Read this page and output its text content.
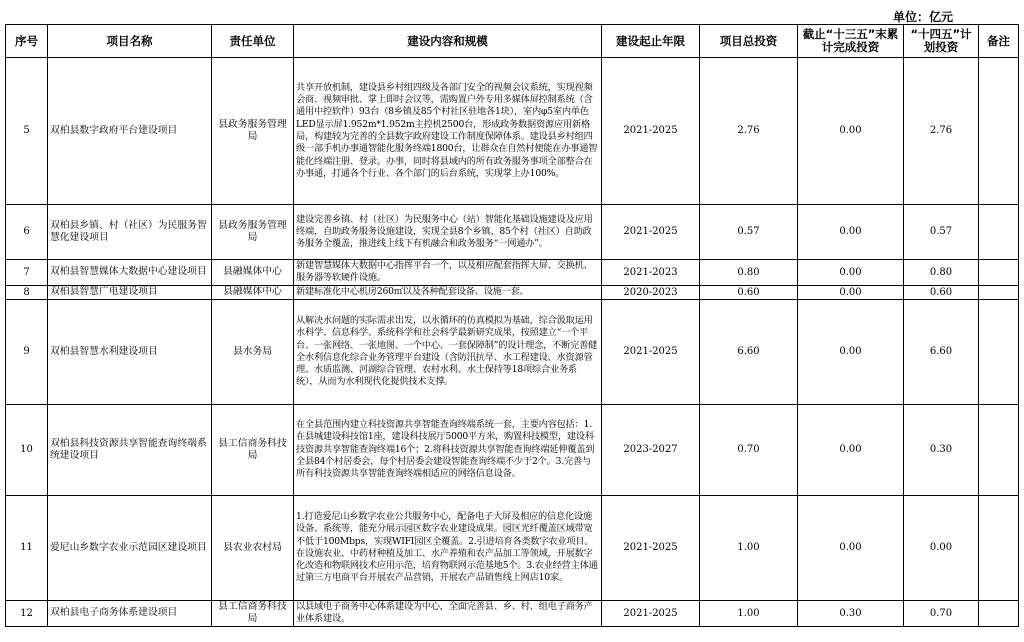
单位：亿元
序号	项目名称	责任单位	建设内容和规模	建设起止年限	项目总投资	截止“十三五”末累计完成投资	“十四五”计划投资	备注
5	双柏县数字政府平台建设项目	县政务服务管理局	共享开放机制，建设县乡村组四级及各部门安全的视频会议系统，实现视频会商、视频审批、掌上即时会议等，需购置户外专用多媒体屏控制系统（含通用中控软件）93台（8乡镇及85个村社区驻地各1块），室内φ5室内单色LED显示屏1.952m*1.952m主控机2500台，形成政务数据资源应用新格局，构建较为完善的全县数字政府建设工作制度保障体系。建设县乡村组四级一部手机办事通智能化服务终端1800台，让群众在自然村便能在办事通智能化终端注册、登录、办事，同时将县域内的所有政务服务事项全部整合在办事通，打通各个行业、各个部门的后台系统，实现掌上办100%。	2021-2025	2.76	0.00	2.76	
6	双柏县乡镇、村（社区）为民服务智慧化建设项目	县政务服务管理局	建设完善乡镇、村（社区）为民服务中心（站）智能化基础设施建设及应用终端，自助政务服务设施建设，实现全县8个乡镇、85个村（社区）自助政务服务全覆盖，推进线上线下有机融合和政务服务“一网通办”。	2021-2025	0.57	0.00	0.57	
7	双柏县智慧媒体大数据中心建设项目	县融媒体中心	新建智慧媒体大数据中心指挥平台一个，以及相应配套指挥大屏、交换机、服务器等软硬件设施。	2021-2023	0.80	0.00	0.80	
8	双柏县智慧广电建设项目	县融媒体中心	新建标准化中心机房260㎡以及各种配套设备、设施一套。	2020-2023	0.60	0.00	0.60	
9	双柏县智慧水利建设项目	县水务局	从解决水问题的实际需求出发，以水循环的仿真模拟为基础，综合汲取运用水科学、信息科学、系统科学和社会科学最新研究成果，按照建立“一个平台、一张网络、一张地图、一个中心、一套保障制”的设计理念，不断完善健全水利信息化综合业务管理平台建设（含防汛抗旱、水工程建设、水资源管理、水质监测、河湖综合管理、农村水利、水土保持等18项综合业务系统），从而为水利现代化提供技术支撑。	2021-2025	6.60	0.00	6.60	
10	双柏县科技资源共享智能查询终端系统建设项目	县工信商务科技局	在全县范围内建立科技资源共享智能查询终端系统一套，主要内容包括：1.在县城建设科技馆1座，建设科技展厅5000平方米，购置科技模型，建设科技资源共享智能查询终端16个；2.将科技资源共享智能查询终端延伸覆盖到全县84个村居委会，每个村居委会建设智能查询终端不少于2个。3.完善与所有科技资源共享智能查询终端相适应的网络信息设备。	2023-2027	0.70	0.00	0.30	
11	爱尼山乡数字农业示范园区建设项目	县农业农村局	1.打造爱尼山乡数字农业公共服务中心，配备电子大屏及相应的信息化设施设备、系统等，能充分展示园区数字农业建设成果。园区光纤覆盖区域带宽不低于100Mbps，实现WIFI园区全覆盖。2.引进培育各类数字农业项目。在设施农业、中药材种植及加工、水产养殖和农产品加工等领域，开展数字化改造和物联网技术应用示范，培育物联网示范基地5个。3.农业经营主体通过第三方电商平台开展农产品营销，开展农产品销售线上网店10家。	2021-2025	1.00	0.00	0.00	
12	双柏县电子商务体系建设项目	县工信商务科技局	以县域电子商务中心体系建设为中心，全面完善县、乡、村、组电子商务产业体系建设。	2021-2025	1.00	0.30	0.70	
